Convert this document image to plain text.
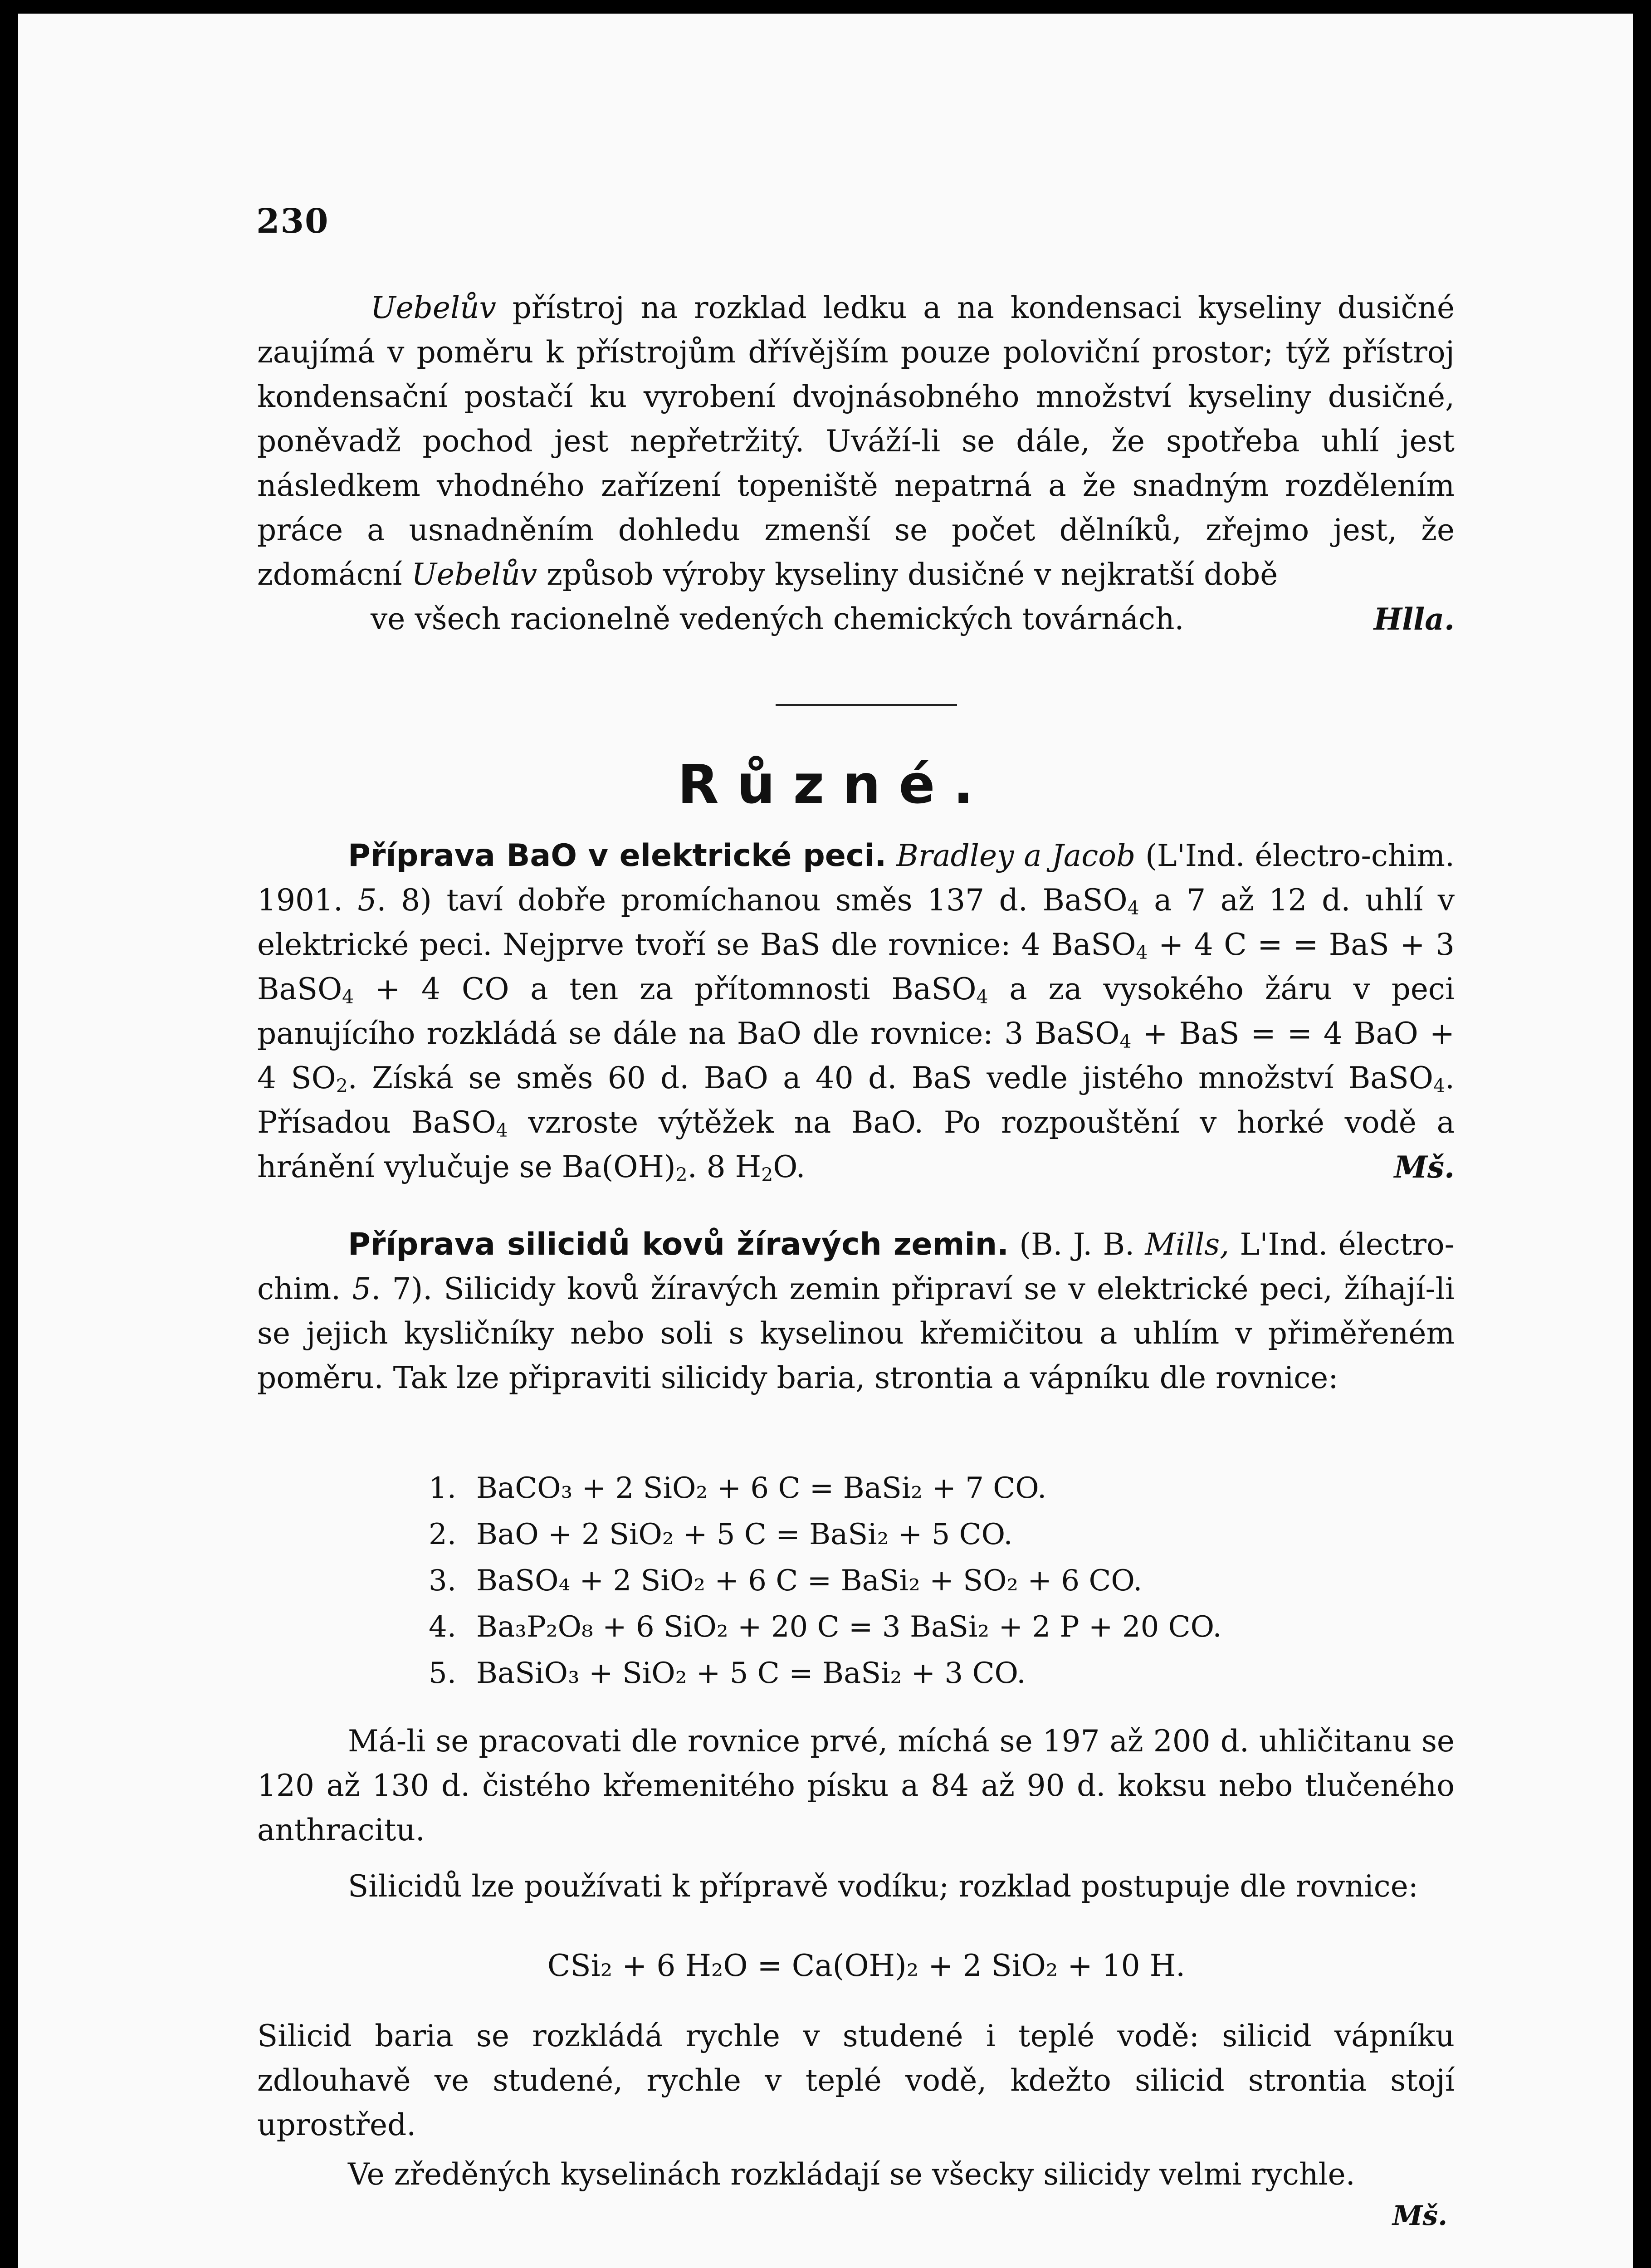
230
Uebelův přístroj na rozklad ledku a na kondensaci kyseliny dusičné zaujímá v poměru k přístrojům dřívějším pouze poloviční prostor; týž přístroj kondensační postačí ku vyrobení dvojnásobného množství kyseliny dusičné, poněvadž pochod jest nepřetržitý. Uváží-li se dále, že spotřeba uhlí jest následkem vhodného zařízení topeniště nepatrná a že snadným rozdělením práce a usnadněním dohledu zmenší se počet dělníků, zřejmo jest, že zdomácní Uebelův způsob výroby kyseliny dusičné v nejkratší době
ve všech racionelně vedených chemických továrnách.	Hlla.
Různé.
Příprava BaO v elektrické peci. Bradley a Jacob (L'Ind. électro-chim. 1901. 5. 8) taví dobře promíchanou směs 137 d. BaSO$_4$ a 7 až 12 d. uhlí v elektrické peci. Nejprve tvoří se BaS dle rovnice: 4 BaSO$_4$ + 4 C = = BaS + 3 BaSO$_4$ + 4 CO a ten za přítomnosti BaSO$_4$ a za vysokého žáru v peci panujícího rozkládá se dále na BaO dle rovnice: 3 BaSO$_4$ + BaS = = 4 BaO + 4 $SO_2$. Získá se směs 60 d. BaO a 40 d. BaS vedle jistého množství BaSO$_4$. Přísadou BaSO$_4$ vzroste výtěžek na BaO. Po rozpouštění v horké vodě a hránění vylučuje se $Ba(OH)_2$. 8 $H_2O$.	Mš.
Příprava silicidů kovů žíravých zemin. (B. J. B. Mills, L'Ind. électro-chim. 5. 7). Silicidy kovů žíravých zemin připraví se v elektrické peci, žíhají-li se jejich kysličníky nebo soli s kyselinou křemičitou a uhlím v přiměřeném poměru. Tak lze připraviti silicidy baria, strontia a vápníku dle rovnice:
1. BaCO₃ + 2 SiO₂ + 6 C = BaSi₂ + 7 CO.
2. BaO + 2 SiO₂ + 5 C = BaSi₂ + 5 CO.
3. BaSO₄ + 2 SiO₂ + 6 C = BaSi₂ + SO₂ + 6 CO.
4. Ba₃P₂O₈ + 6 SiO₂ + 20 C = 3 BaSi₂ + 2 P + 20 CO.
5. BaSiO₃ + SiO₂ + 5 C = BaSi₂ + 3 CO.
Má-li se pracovati dle rovnice prvé, míchá se 197 až 200 d. uhličitanu se 120 až 130 d. čistého křemenitého písku a 84 až 90 d. koksu nebo tlučeného anthracitu.
Silicidů lze používati k přípravě vodíku; rozklad postupuje dle rovnice:
CSi₂ + 6 H₂O = Ca(OH)₂ + 2 SiO₂ + 10 H.
Silicid baria se rozkládá rychle v studené i teplé vodě: silicid vápníku zdlouhavě ve studené, rychle v teplé vodě, kdežto silicid strontia stojí uprostřed.
Ve zředěných kyselinách rozkládají se všecky silicidy velmi rychle.
Mš.
